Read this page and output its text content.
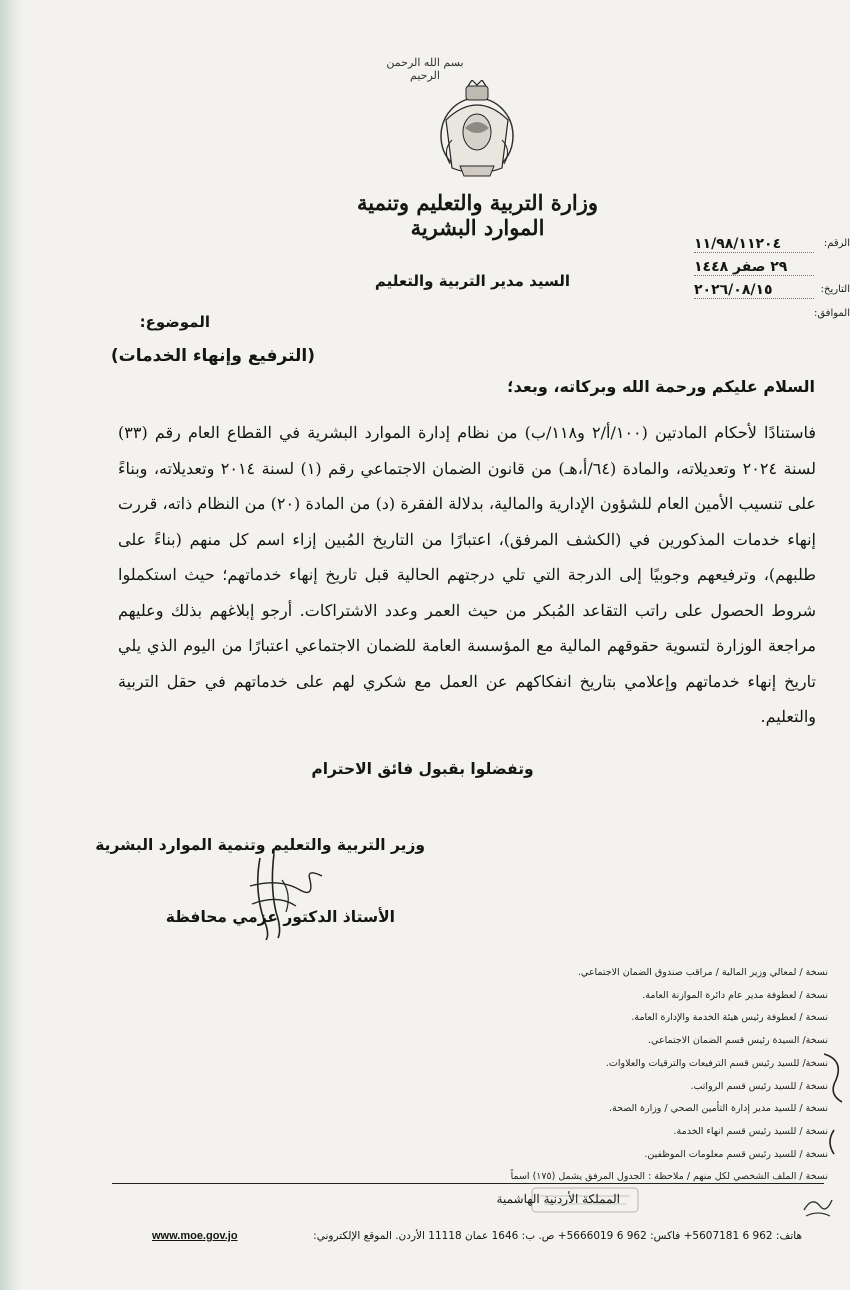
بسم الله الرحمن الرحيم
وزارة التربية والتعليم وتنمية الموارد البشرية
الرقم:
١١/٩٨/١١٢٠٤
٢٩ صفر ١٤٤٨
التاريخ:
٢٠٢٦/٠٨/١٥
الموافق:
السيد مدير التربية والتعليم
الموضوع:
(الترفيع وإنهاء الخدمات)
السلام عليكم ورحمة الله وبركاته، وبعد؛
فاستنادًا لأحكام المادتين (١٠٠/أ/٢ و١١٨/ب) من نظام إدارة الموارد البشرية في القطاع العام رقم (٣٣) لسنة ٢٠٢٤ وتعديلاته، والمادة (٦٤/أ،هـ) من قانون الضمان الاجتماعي رقم (١) لسنة ٢٠١٤ وتعديلاته، وبناءً على تنسيب الأمين العام للشؤون الإدارية والمالية، بدلالة الفقرة (د) من المادة (٢٠) من النظام ذاته، قررت إنهاء خدمات المذكورين في (الكشف المرفق)، اعتبارًا من التاريخ المُبين إزاء اسم كل منهم (بناءً على طلبهم)، وترفيعهم وجوبيًا إلى الدرجة التي تلي درجتهم الحالية قبل تاريخ إنهاء خدماتهم؛ حيث استكملوا شروط الحصول على راتب التقاعد المُبكر من حيث العمر وعدد الاشتراكات. أرجو إبلاغهم بذلك وعليهم مراجعة الوزارة لتسوية حقوقهم المالية مع المؤسسة العامة للضمان الاجتماعي اعتبارًا من اليوم الذي يلي تاريخ إنهاء خدماتهم وإعلامي بتاريخ انفكاكهم عن العمل مع شكري لهم على خدماتهم في حقل التربية والتعليم.
وتفضلوا بقبول فائق الاحترام
وزير التربية والتعليم وتنمية الموارد البشرية
الأستاذ الدكتور عزمي محافظة
نسخة / لمعالي وزير المالية / مراقب صندوق الضمان الاجتماعي.
نسخة / لعطوفة مدير عام دائرة الموازنة العامة.
نسخة / لعطوفة رئيس هيئة الخدمة والإدارة العامة.
نسخة/ السيدة رئيس قسم الضمان الاجتماعي.
نسخة/ للسيد رئيس قسم الترفيعات والترقيات والعلاوات.
نسخة / للسيد رئيس قسم الرواتب.
نسخة / للسيد مدير إدارة التأمين الصحي / وزارة الصحة.
نسخة / للسيد رئيس قسم انهاء الخدمة.
نسخة / للسيد رئيس قسم معلومات الموظفين.
نسخة / الملف الشخصي لكل منهم / ملاحظة : الجدول المرفق يشمل (١٧٥) اسماً
المملكة الأردنية الهاشمية
هاتف: 962 6 5607181+ فاكس: 962 6 5666019+ ص. ب: 1646 عمان 11118 الأردن. الموقع الإلكتروني:
www.moe.gov.jo
